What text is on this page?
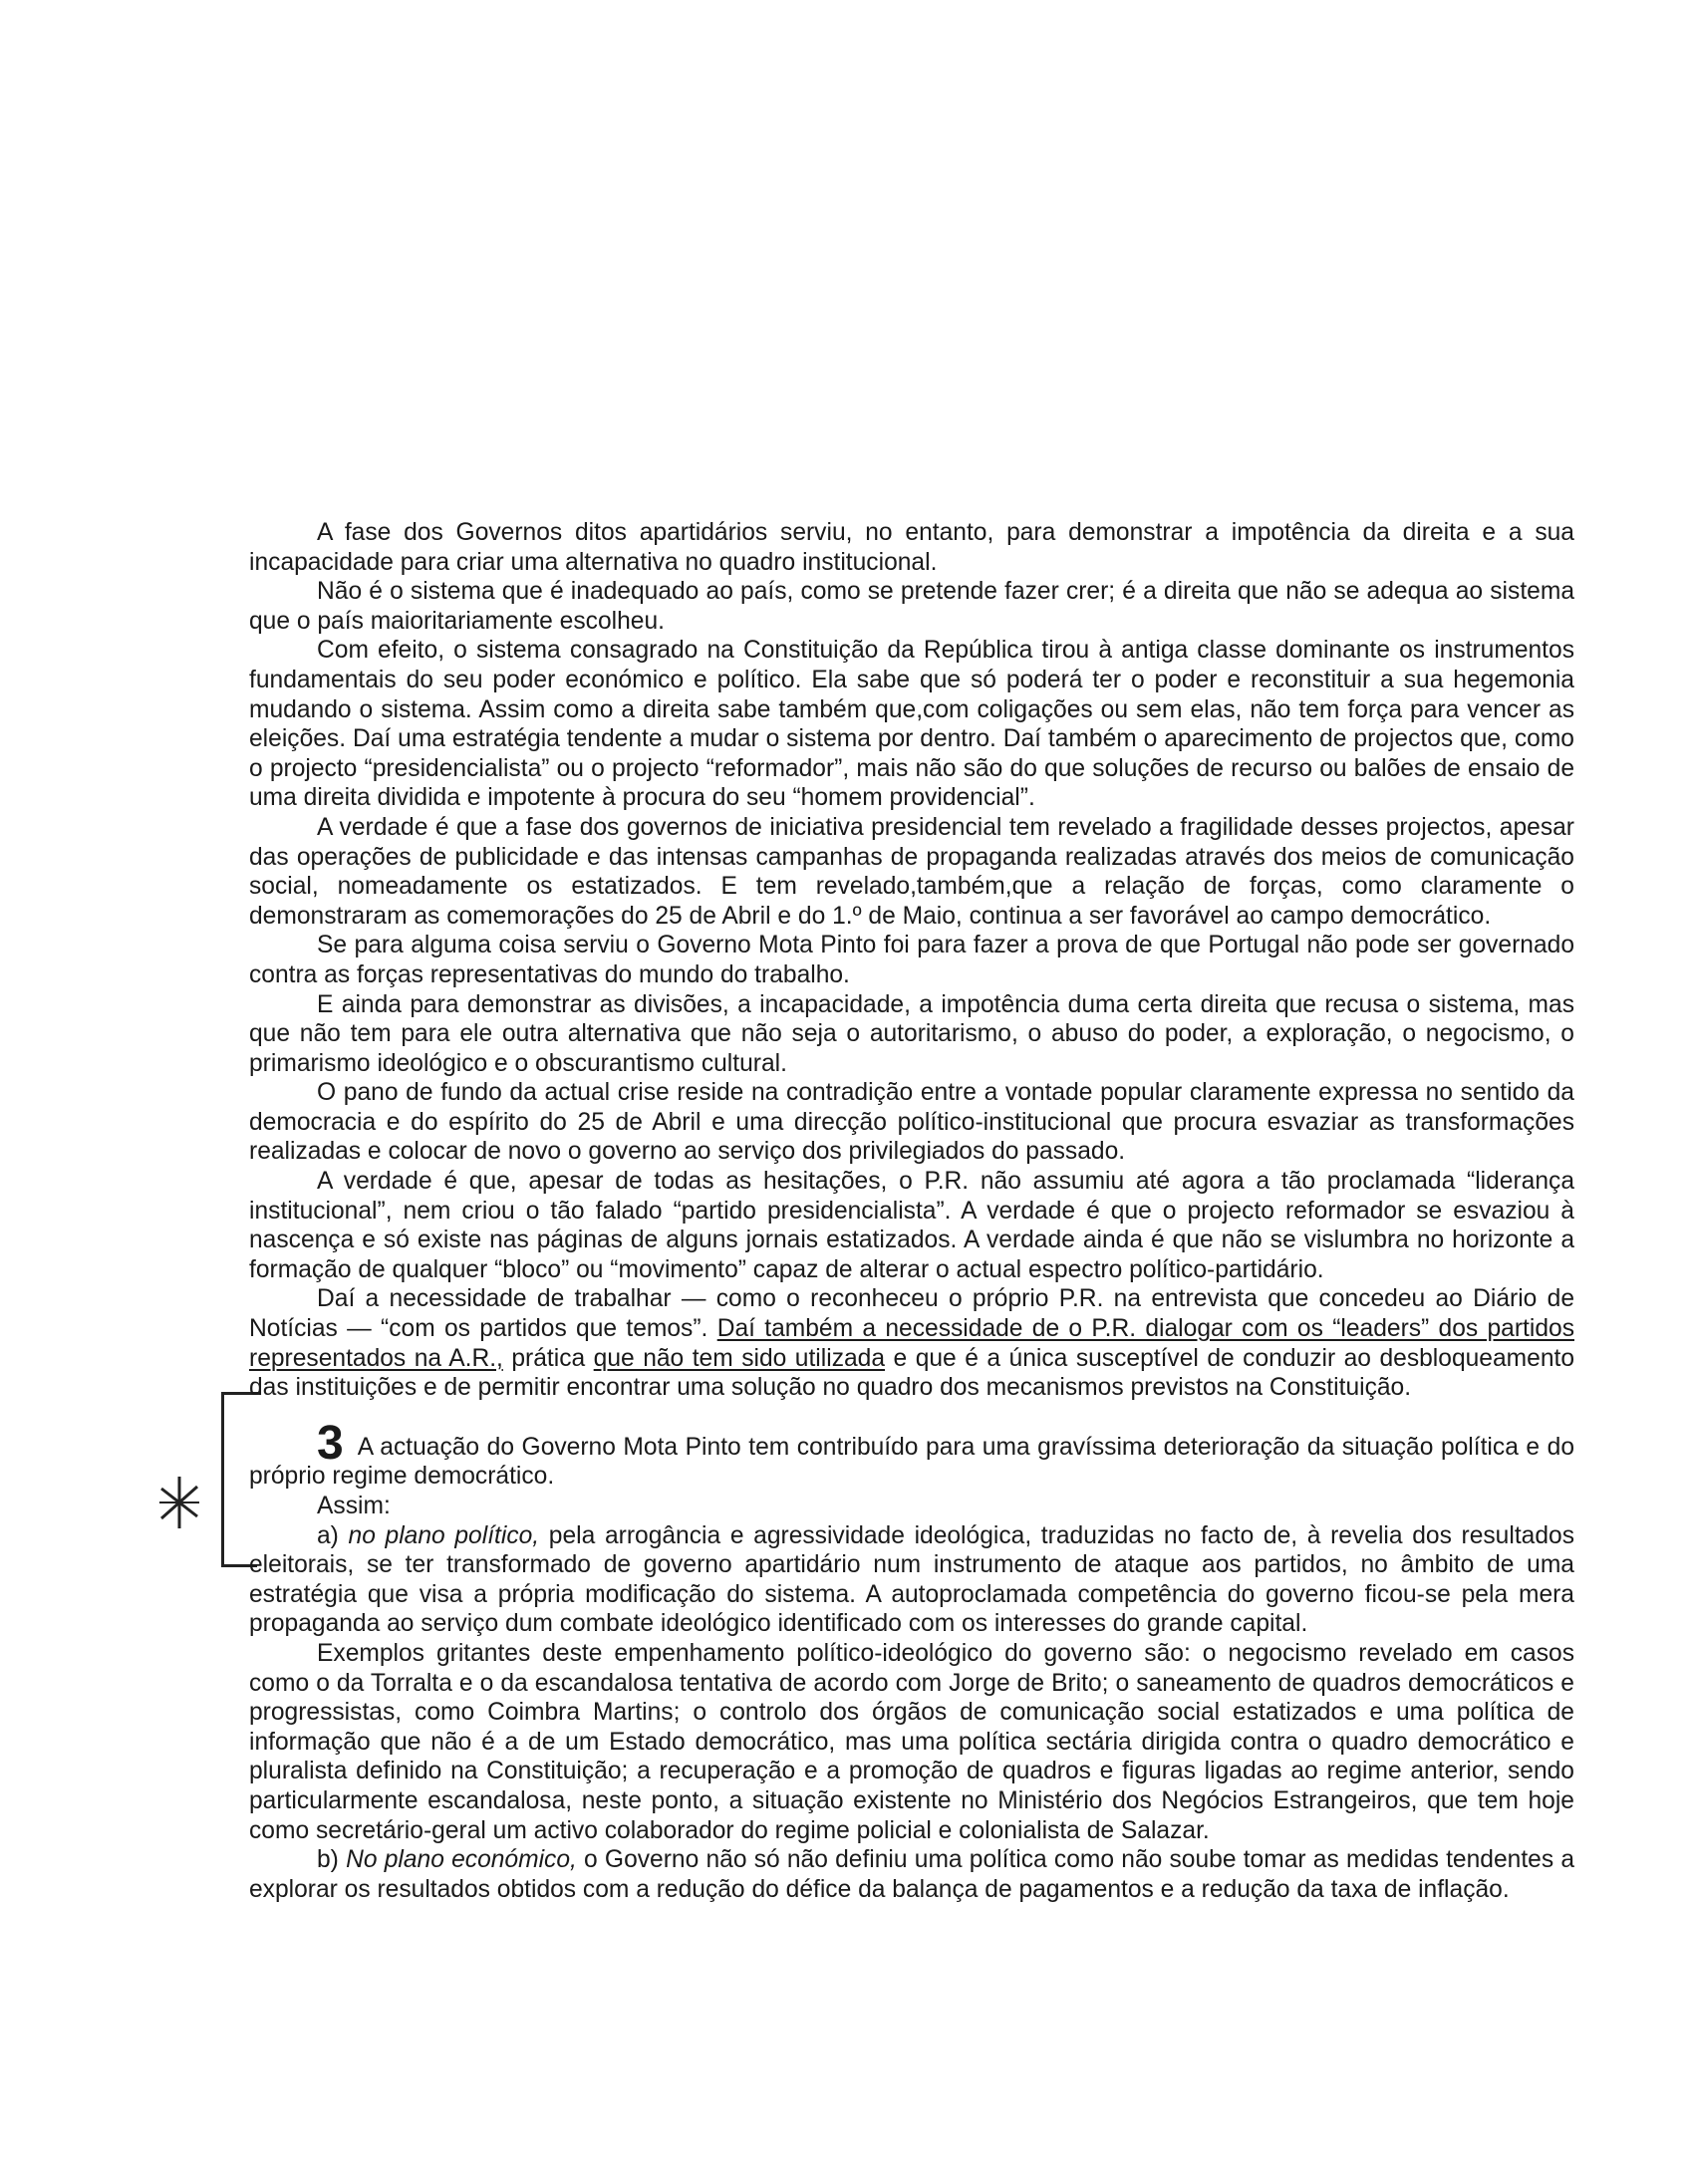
A fase dos Governos ditos apartidários serviu, no entanto, para demonstrar a impotência da direita e a sua incapacidade para criar uma alternativa no quadro institucional.

Não é o sistema que é inadequado ao país, como se pretende fazer crer; é a direita que não se adequa ao sistema que o país maioritariamente escolheu.

Com efeito, o sistema consagrado na Constituição da República tirou à antiga classe dominante os instrumentos fundamentais do seu poder económico e político. Ela sabe que só poderá ter o poder e reconstituir a sua hegemonia mudando o sistema. Assim como a direita sabe também que,com coligações ou sem elas, não tem força para vencer as eleições. Daí uma estratégia tendente a mudar o sistema por dentro. Daí também o aparecimento de projectos que, como o projecto “presidencialista” ou o projecto “reformador”, mais não são do que soluções de recurso ou balões de ensaio de uma direita dividida e impotente à procura do seu “homem providencial”.

A verdade é que a fase dos governos de iniciativa presidencial tem revelado a fragilidade desses projectos, apesar das operações de publicidade e das intensas campanhas de propaganda realizadas através dos meios de comunicação social, nomeadamente os estatizados. E tem revelado,também,que a relação de forças, como claramente o demonstraram as comemorações do 25 de Abril e do 1.º de Maio, continua a ser favorável ao campo democrático.

Se para alguma coisa serviu o Governo Mota Pinto foi para fazer a prova de que Portugal não pode ser governado contra as forças representativas do mundo do trabalho.

E ainda para demonstrar as divisões, a incapacidade, a impotência duma certa direita que recusa o sistema, mas que não tem para ele outra alternativa que não seja o autoritarismo, o abuso do poder, a exploração, o negocismo, o primarismo ideológico e o obscurantismo cultural.

O pano de fundo da actual crise reside na contradição entre a vontade popular claramente expressa no sentido da democracia e do espírito do 25 de Abril e uma direcção político-institucional que procura esvaziar as transformações realizadas e colocar de novo o governo ao serviço dos privilegiados do passado.

A verdade é que, apesar de todas as hesitações, o P.R. não assumiu até agora a tão proclamada “liderança institucional”, nem criou o tão falado “partido presidencialista”. A verdade é que o projecto reformador se esvaziou à nascença e só existe nas páginas de alguns jornais estatizados. A verdade ainda é que não se vislumbra no horizonte a formação de qualquer “bloco” ou “movimento” capaz de alterar o actual espectro político-partidário.

Daí a necessidade de trabalhar — como o reconheceu o próprio P.R. na entrevista que concedeu ao Diário de Notícias — “com os partidos que temos”. Daí também a necessidade de o P.R. dialogar com os “leaders” dos partidos representados na A.R., prática que não tem sido utilizada e que é a única susceptível de conduzir ao desbloqueamento das instituições e de permitir encontrar uma solução no quadro dos mecanismos previstos na Constituição.

3 A actuação do Governo Mota Pinto tem contribuído para uma gravíssima deterioração da situação política e do próprio regime democrático.

Assim:

a) no plano político, pela arrogância e agressividade ideológica, traduzidas no facto de, à revelia dos resultados eleitorais, se ter transformado de governo apartidário num instrumento de ataque aos partidos, no âmbito de uma estratégia que visa a própria modificação do sistema. A autoproclamada competência do governo ficou-se pela mera propaganda ao serviço dum combate ideológico identificado com os interesses do grande capital.

Exemplos gritantes deste empenhamento político-ideológico do governo são: o negocismo revelado em casos como o da Torralta e o da escandalosa tentativa de acordo com Jorge de Brito; o saneamento de quadros democráticos e progressistas, como Coimbra Martins; o controlo dos órgãos de comunicação social estatizados e uma política de informação que não é a de um Estado democrático, mas uma política sectária dirigida contra o quadro democrático e pluralista definido na Constituição; a recuperação e a promoção de quadros e figuras ligadas ao regime anterior, sendo particularmente escandalosa, neste ponto, a situação existente no Ministério dos Negócios Estrangeiros, que tem hoje como secretário-geral um activo colaborador do regime policial e colonialista de Salazar.

b) No plano económico, o Governo não só não definiu uma política como não soube tomar as medidas tendentes a explorar os resultados obtidos com a redução do défice da balança de pagamentos e a redução da taxa de inflação.
